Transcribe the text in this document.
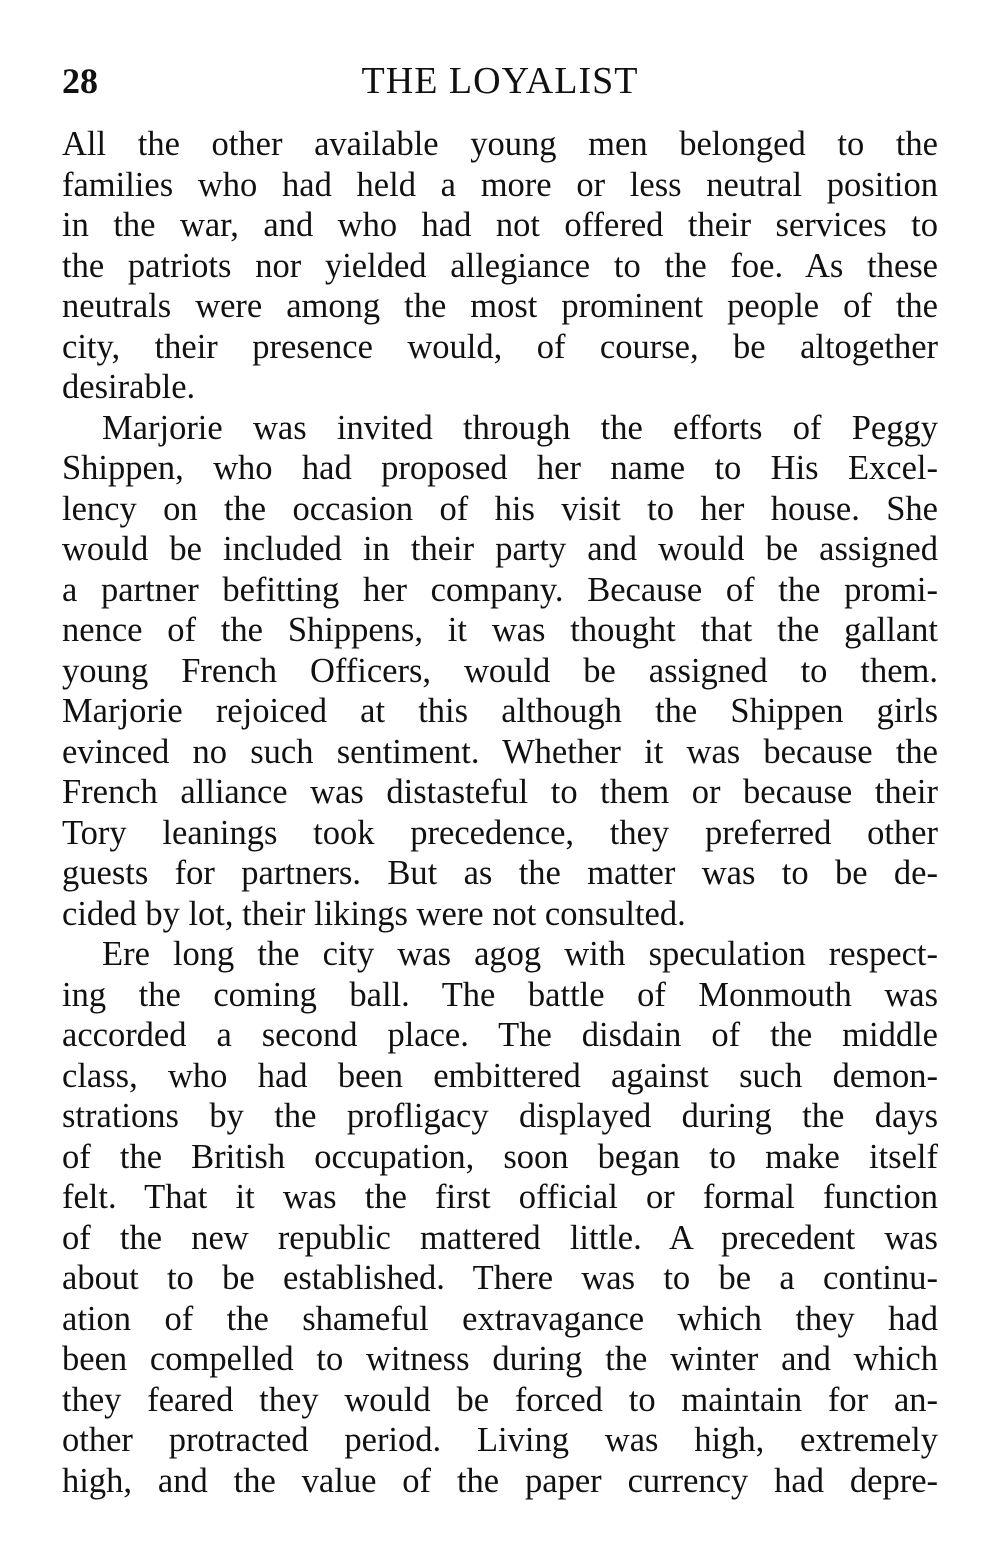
28	THE LOYALIST
All the other available young men belonged to the
families who had held a more or less neutral position
in the war, and who had not offered their services to
the patriots nor yielded allegiance to the foe. As these
neutrals were among the most prominent people of the
city, their presence would, of course, be altogether
desirable.
Marjorie was invited through the efforts of Peggy
Shippen, who had proposed her name to His Excel-
lency on the occasion of his visit to her house. She
would be included in their party and would be assigned
a partner befitting her company. Because of the promi-
nence of the Shippens, it was thought that the gallant
young French Officers, would be assigned to them.
Marjorie rejoiced at this although the Shippen girls
evinced no such sentiment. Whether it was because the
French alliance was distasteful to them or because their
Tory leanings took precedence, they preferred other
guests for partners. But as the matter was to be de-
cided by lot, their likings were not consulted.
Ere long the city was agog with speculation respect-
ing the coming ball. The battle of Monmouth was
accorded a second place. The disdain of the middle
class, who had been embittered against such demon-
strations by the profligacy displayed during the days
of the British occupation, soon began to make itself
felt. That it was the first official or formal function
of the new republic mattered little. A precedent was
about to be established. There was to be a continu-
ation of the shameful extravagance which they had
been compelled to witness during the winter and which
they feared they would be forced to maintain for an-
other protracted period. Living was high, extremely
high, and the value of the paper currency had depre-
